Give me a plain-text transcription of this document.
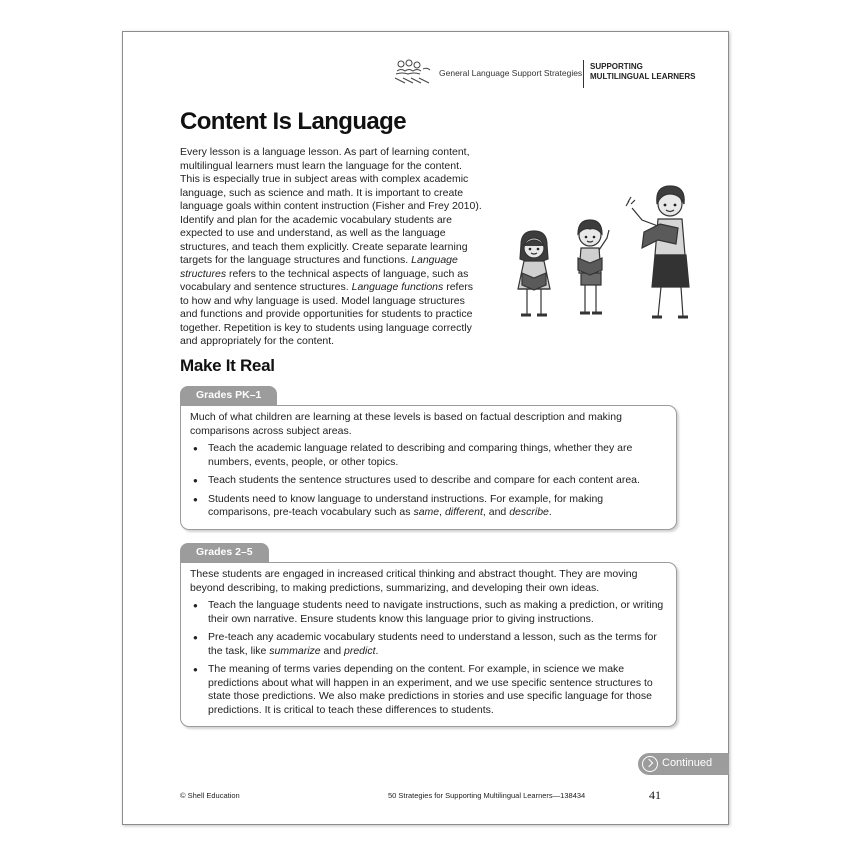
General Language Support Strategies
SUPPORTING
MULTILINGUAL LEARNERS
Content Is Language

Every lesson is a language lesson. As part of learning content, multilingual learners must learn the language for the content. This is especially true in subject areas with complex academic language, such as science and math. It is important to create language goals within content instruction (Fisher and Frey 2010). Identify and plan for the academic vocabulary students are expected to use and understand, as well as the language structures, and teach them explicitly. Create separate learning targets for the language structures and functions. Language structures refers to the technical aspects of language, such as vocabulary and sentence structures. Language functions refers to how and why language is used. Model language structures and functions and provide opportunities for students to practice together. Repetition is key to students using language correctly and appropriately for the content.

Make It Real
Grades PK–1

Much of what children are learning at these levels is based on factual description and making comparisons across subject areas.

● Teach the academic language related to describing and comparing things, whether they are numbers, events, people, or other topics.
● Teach students the sentence structures used to describe and compare for each content area.
● Students need to know language to understand instructions. For example, for making comparisons, pre-teach vocabulary such as same, different, and describe.
Grades 2–5

These students are engaged in increased critical thinking and abstract thought. They are moving beyond describing, to making predictions, summarizing, and developing their own ideas.

● Teach the language students need to navigate instructions, such as making a prediction, or writing their own narrative. Ensure students know this language prior to giving instructions.
● Pre-teach any academic vocabulary students need to understand a lesson, such as the terms for the task, like summarize and predict.
● The meaning of terms varies depending on the content. For example, in science we make predictions about what will happen in an experiment, and we use specific sentence structures to state those predictions. We also make predictions in stories and use specific language for those predictions. It is critical to teach these differences to students.
Continued
© Shell Education	50 Strategies for Supporting Multilingual Learners—138434	41
